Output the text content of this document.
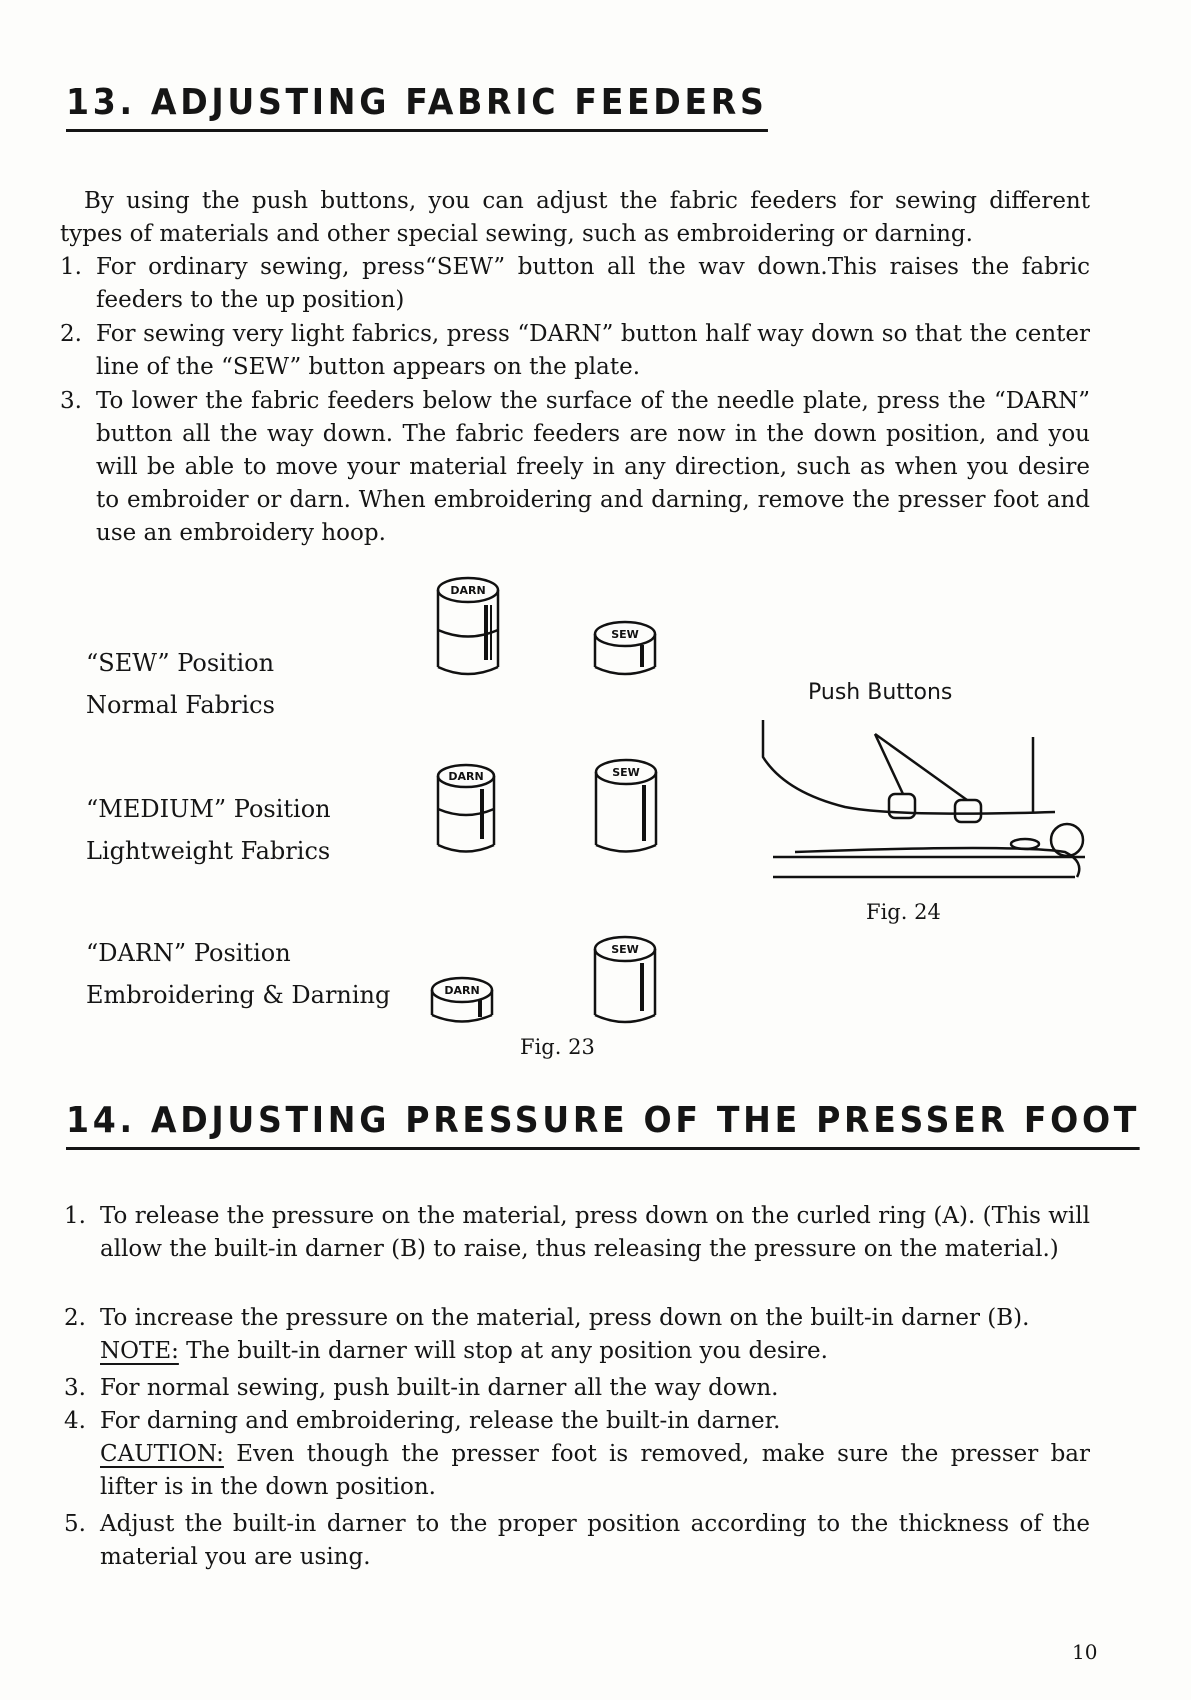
13. ADJUSTING FABRIC FEEDERS
By using the push buttons, you can adjust the fabric feeders for sewing different types of materials and other special sewing, such as embroidering or darning.
1. For ordinary sewing, press“SEW” button all the wav down.This raises the fabric feeders to the up position)
2. For sewing very light fabrics, press “DARN” button half way down so that the center line of the “SEW” button appears on the plate.
3. To lower the fabric feeders below the surface of the needle plate, press the “DARN” button all the way down. The fabric feeders are now in the down position, and you will be able to move your material freely in any direction, such as when you desire to embroider or darn. When embroidering and darning, remove the presser foot and use an embroidery hoop.
“SEW” Position
Normal Fabrics
“MEDIUM” Position
Lightweight Fabrics
“DARN” Position
Embroidering & Darning
DARN
SEW
DARN	SEW
DARN
SEW
Fig. 23
Push Buttons
Fig. 24
14. ADJUSTING PRESSURE OF THE PRESSER FOOT
1. To release the pressure on the material, press down on the curled ring (A). (This will allow the built-in darner (B) to raise, thus releasing the pressure on the material.)
2. To increase the pressure on the material, press down on the built-in darner (B).
NOTE: The built-in darner will stop at any position you desire.
3. For normal sewing, push built-in darner all the way down.
4. For darning and embroidering, release the built-in darner.
CAUTION: Even though the presser foot is removed, make sure the presser bar lifter is in the down position.
5. Adjust the built-in darner to the proper position according to the thickness of the material you are using.
10
